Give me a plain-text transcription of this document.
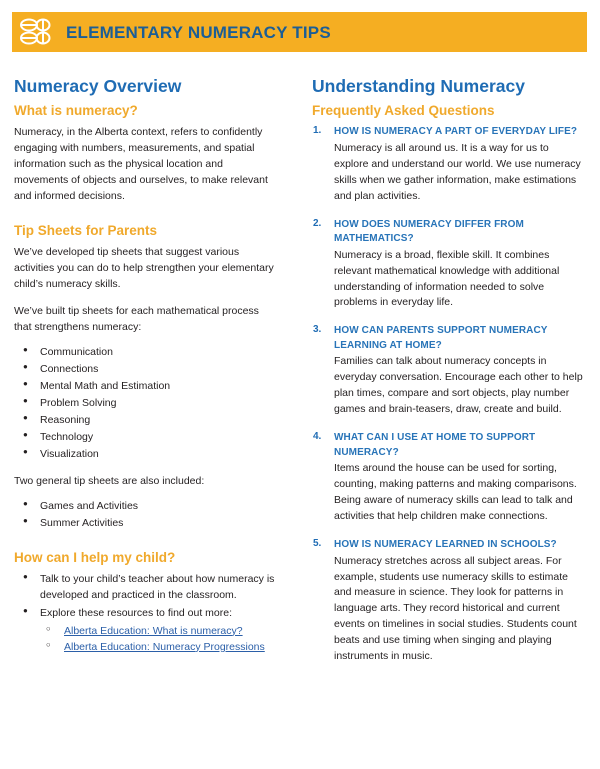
ELEMENTARY NUMERACY TIPS
Numeracy Overview
What is numeracy?

Numeracy, in the Alberta context, refers to confidently engaging with numbers, measurements, and spatial information such as the physical location and movements of objects and ourselves, to make relevant and informed decisions.

Tip Sheets for Parents

We’ve developed tip sheets that suggest various activities you can do to help strengthen your elementary child’s numeracy skills.

We’ve built tip sheets for each mathematical process that strengthens numeracy:

● Communication
● Connections
● Mental Math and Estimation
● Problem Solving
● Reasoning
● Technology
● Visualization

Two general tip sheets are also included:

● Games and Activities
● Summer Activities
How can I help my child?
● Talk to your child’s teacher about how numeracy is developed and practiced in the classroom.
● Explore these resources to find out more:
○ Alberta Education: What is numeracy?
○ Alberta Education: Numeracy Progressions
Understanding Numeracy
Frequently Asked Questions
1. HOW IS NUMERACY A PART OF EVERYDAY LIFE?

Numeracy is all around us. It is a way for us to explore and understand our world. We use numeracy skills when we gather information, make estimations and plan activities.

2. HOW DOES NUMERACY DIFFER FROM MATHEMATICS?

Numeracy is a broad, flexible skill. It combines relevant mathematical knowledge with additional understanding of information needed to solve problems in everyday life.

3. HOW CAN PARENTS SUPPORT NUMERACY LEARNING AT HOME?

Families can talk about numeracy concepts in everyday conversation. Encourage each other to help plan times, compare and sort objects, play number games and brain-teasers, draw, create and build.

4. WHAT CAN I USE AT HOME TO SUPPORT NUMERACY?

Items around the house can be used for sorting, counting, making patterns and making comparisons. Being aware of numeracy skills can lead to talk and activities that help children make connections.

5. HOW IS NUMERACY LEARNED IN SCHOOLS?

Numeracy stretches across all subject areas. For example, students use numeracy skills to estimate and measure in science. They look for patterns in language arts. They record historical and current events on timelines in social studies. Students count beats and use timing when singing and playing instruments in music.
